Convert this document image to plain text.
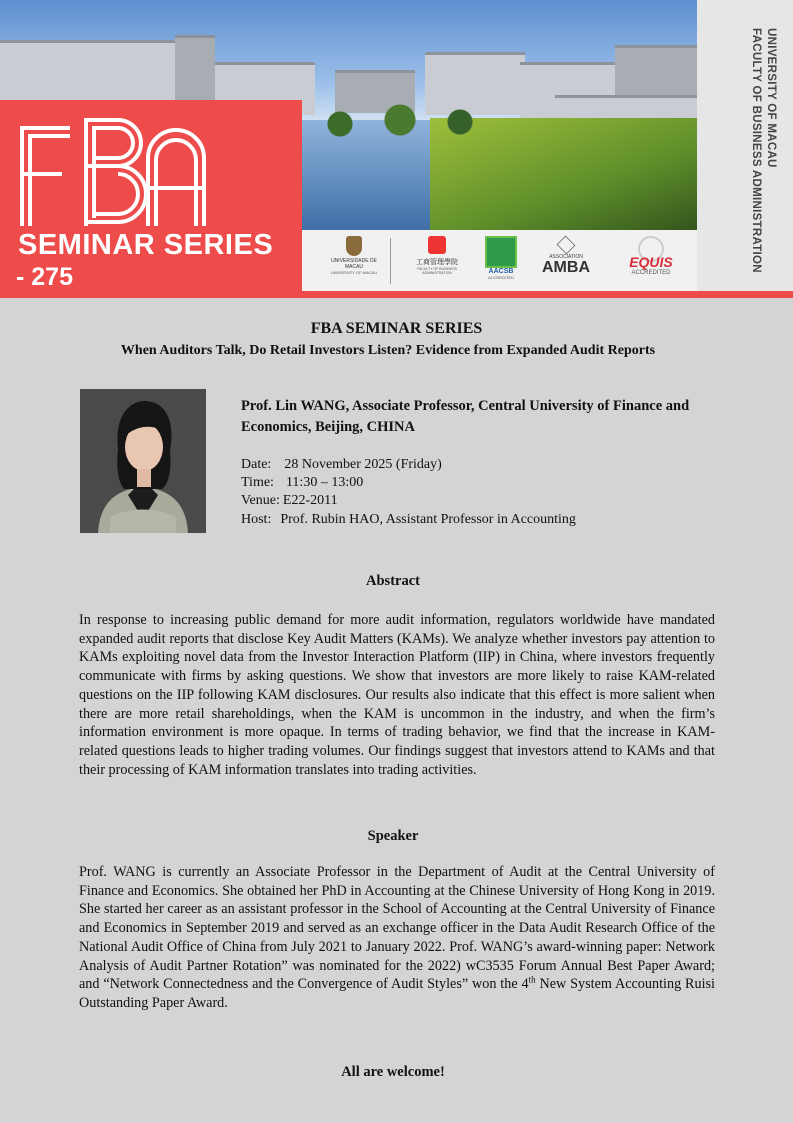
SEMINAR SERIES
- 275
UNIVERSIDADE DE MACAU
UNIVERSITY OF MACAU
工商管理學院
FACULTY OF BUSINESS ADMINISTRATION	AACSB
ACCREDITED
ASSOCIATION
AMBA	EQUIS
ACCREDITED
UNIVERSITY OF MACAU
FACULTY OF BUSINESS ADMINISTRATION
FBA SEMINAR SERIES
When Auditors Talk, Do Retail Investors Listen? Evidence from Expanded Audit Reports
Prof. Lin WANG, Associate Professor, Central University of Finance and Economics, Beijing, CHINA
Date: 28 November 2025 (Friday)
Time: 11:30 – 13:00
Venue: E22-2011
Host: Prof. Rubin HAO, Assistant Professor in Accounting
Abstract
In response to increasing public demand for more audit information, regulators worldwide have mandated expanded audit reports that disclose Key Audit Matters (KAMs). We analyze whether investors pay attention to KAMs exploiting novel data from the Investor Interaction Platform (IIP) in China, where investors frequently communicate with firms by asking questions. We show that investors are more likely to raise KAM-related questions on the IIP following KAM disclosures. Our results also indicate that this effect is more salient when there are more retail shareholdings, when the KAM is uncommon in the industry, and when the firm’s information environment is more opaque. In terms of trading behavior, we find that the increase in KAM-related questions leads to higher trading volumes. Our findings suggest that investors attend to KAMs and that their processing of KAM information translates into trading activities.
Speaker
Prof. WANG is currently an Associate Professor in the Department of Audit at the Central University of Finance and Economics. She obtained her PhD in Accounting at the Chinese University of Hong Kong in 2019. She started her career as an assistant professor in the School of Accounting at the Central University of Finance and Economics in September 2019 and served as an exchange officer in the Data Audit Research Office of the National Audit Office of China from July 2021 to January 2022. Prof. WANG’s award-winning paper: Network Analysis of Audit Partner Rotation” was nominated for the 2022) wC3535 Forum Annual Best Paper Award; and “Network Connectedness and the Convergence of Audit Styles” won the 4th New System Accounting Ruisi Outstanding Paper Award.
All are welcome!
